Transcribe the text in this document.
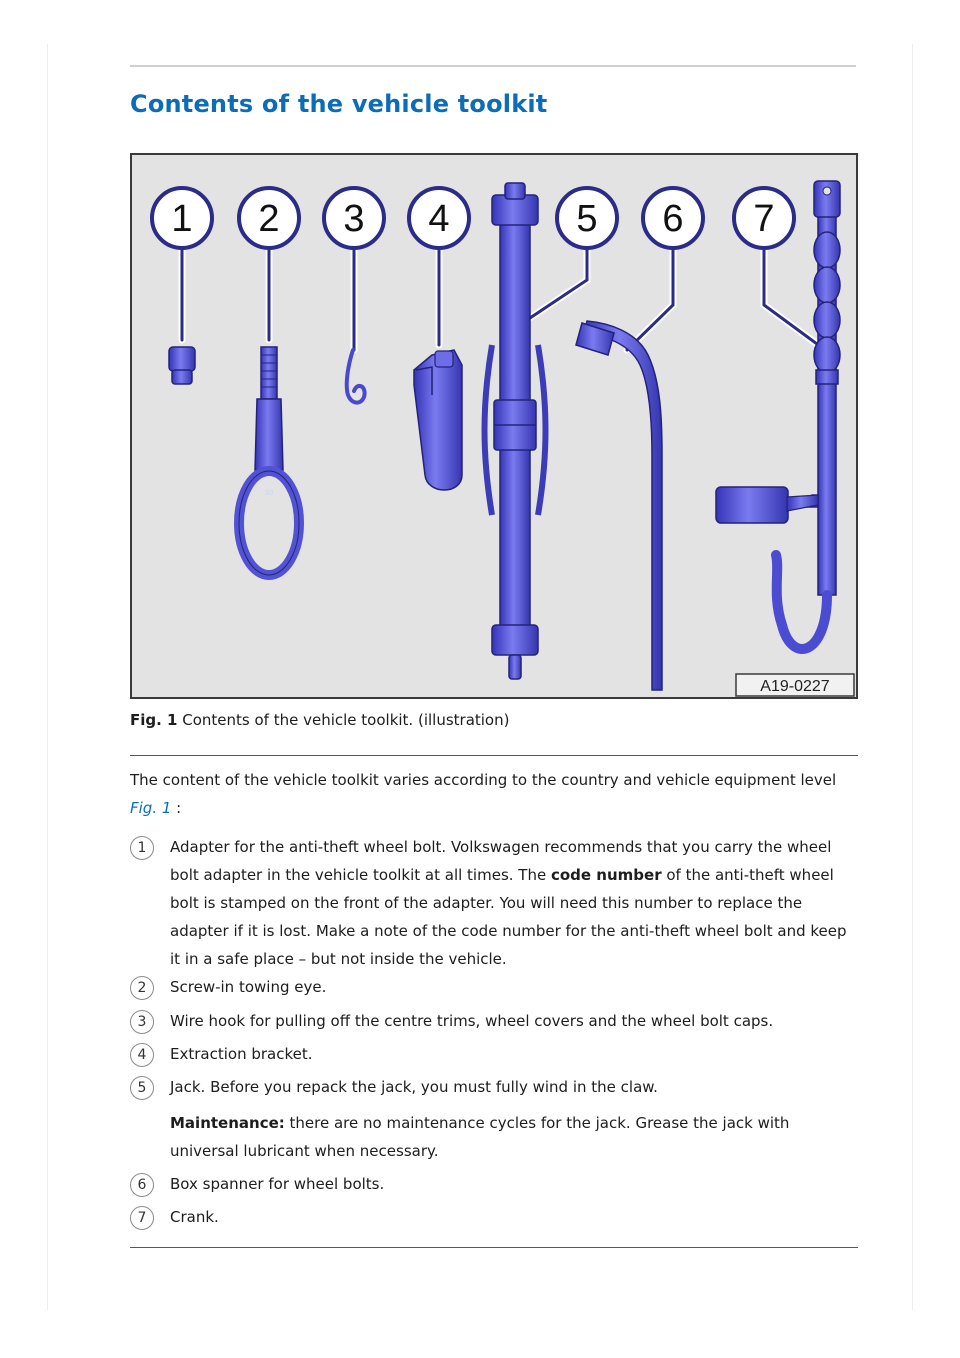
Contents of the vehicle toolkit
30
1 2 3 4	5 6 7
A19-0227
Fig. 1 Contents of the vehicle toolkit. (illustration)
The content of the vehicle toolkit varies according to the country and vehicle equipment level Fig. 1 :
1	Adapter for the anti-theft wheel bolt. Volkswagen recommends that you carry the wheel bolt adapter in the vehicle toolkit at all times. The code number of the anti-theft wheel bolt is stamped on the front of the adapter. You will need this number to replace the adapter if it is lost. Make a note of the code number for the anti-theft wheel bolt and keep it in a safe place – but not inside the vehicle.
2	Screw-in towing eye.
3	Wire hook for pulling off the centre trims, wheel covers and the wheel bolt caps.
4	Extraction bracket.
5	Jack. Before you repack the jack, you must fully wind in the claw.
Maintenance: there are no maintenance cycles for the jack. Grease the jack with universal lubricant when necessary.
6	Box spanner for wheel bolts.
7	Crank.
